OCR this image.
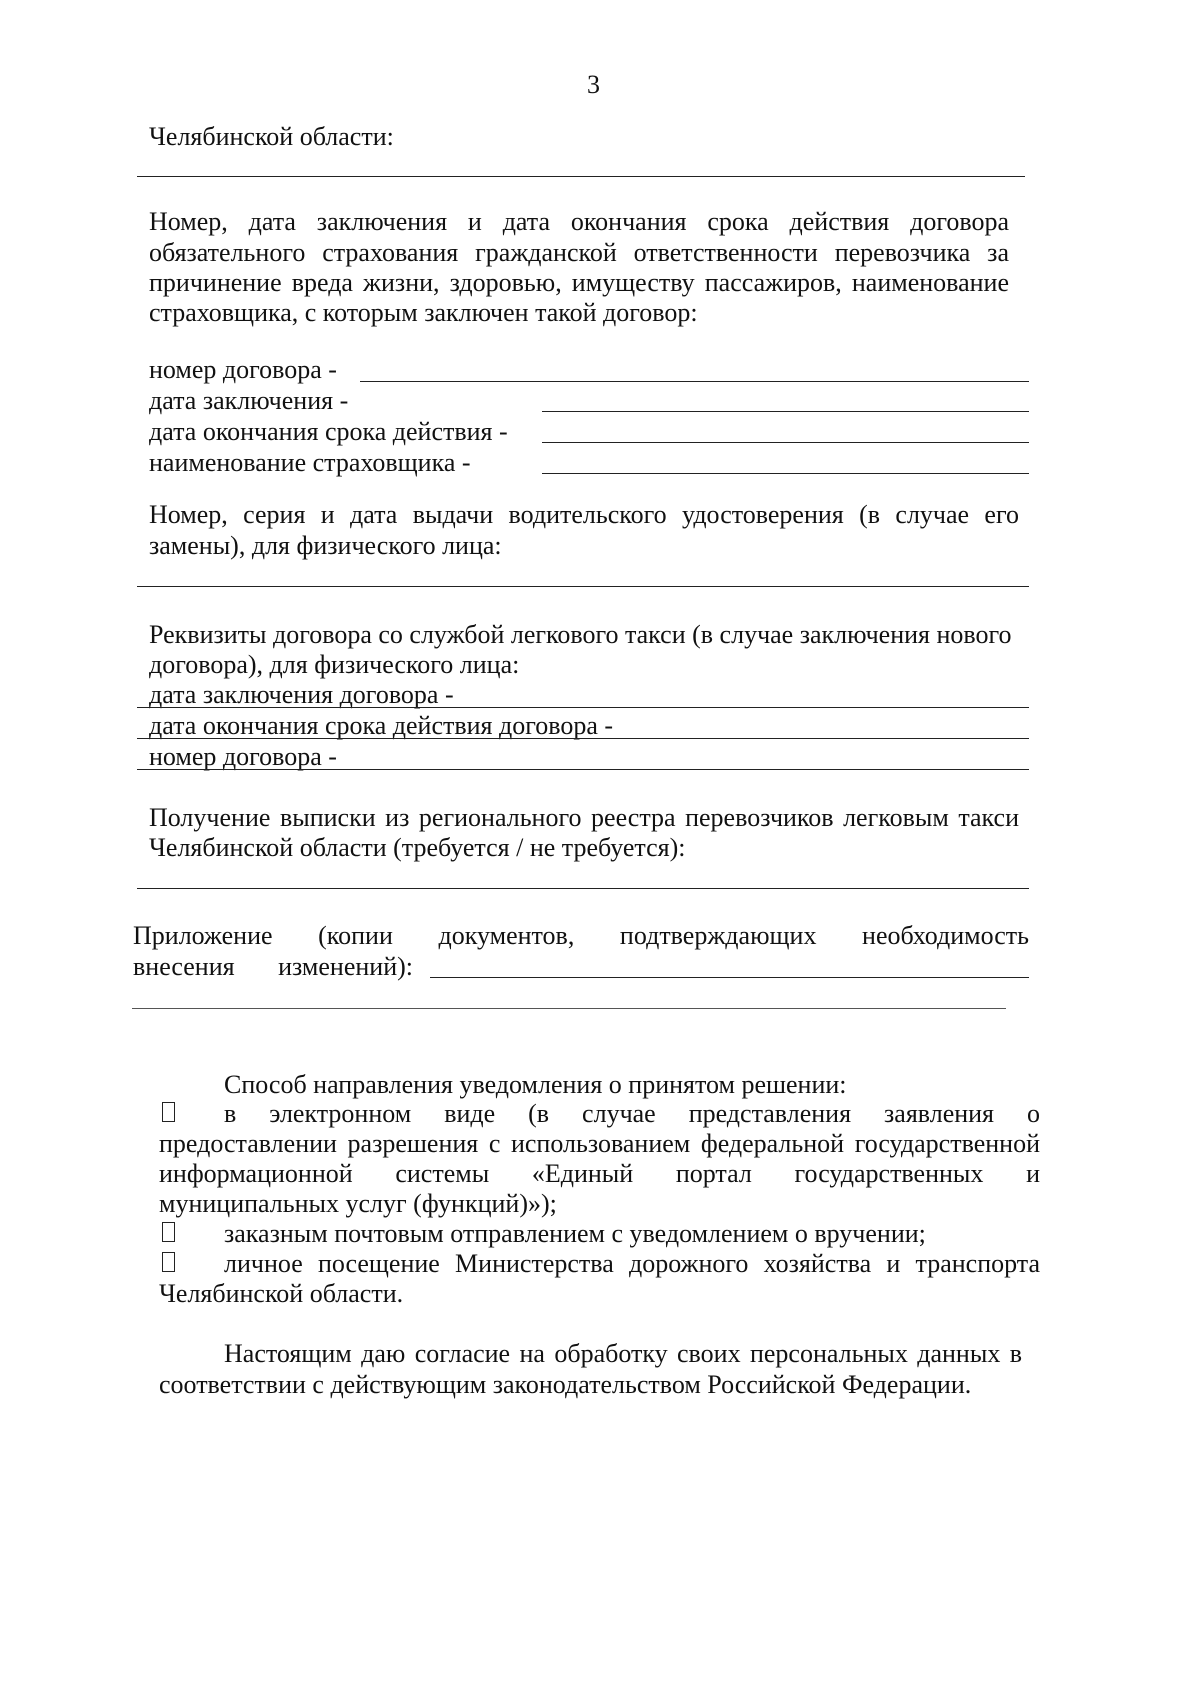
3

Челябинской области:

Номер, дата заключения и дата окончания срока действия договора

обязательного страхования гражданской ответственности перевозчика за

причинение вреда жизни, здоровью, имуществу пассажиров, наименование

страховщика, с которым заключен такой договор:

номер договора -

дата заключения -

дата окончания срока действия -

наименование страховщика -

Номер, серия и дата выдачи водительского удостоверения (в случае его

замены), для физического лица:

Реквизиты договора со службой легкового такси (в случае заключения нового

договора), для физического лица:

дата заключения договора -

дата окончания срока действия договора -

номер договора -

Получение выписки из регионального реестра перевозчиков легковым такси

Челябинской области (требуется / не требуется):

Приложение (копии документов, подтверждающих необходимость

внесения изменений):

Способ направления уведомления о принятом решении:

в электронном виде (в случае представления заявления о

предоставлении разрешения с использованием федеральной государственной

информационной системы «Единый портал государственных и

муниципальных услуг (функций)»);

заказным почтовым отправлением с уведомлением о вручении;

личное посещение Министерства дорожного хозяйства и транспорта

Челябинской области.

Настоящим даю согласие на обработку своих персональных данных в

соответствии с действующим законодательством Российской Федерации.
